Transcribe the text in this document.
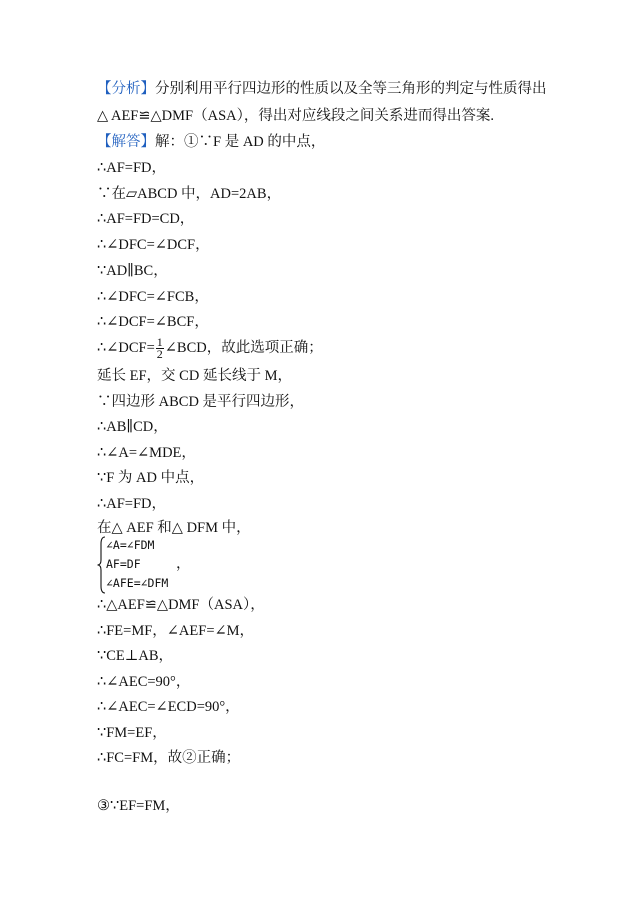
【分析】分别利用平行四边形的性质以及全等三角形的判定与性质得出
△ AEF≌△DMF（ASA），得出对应线段之间关系进而得出答案.
【解答】解：①∵F 是 AD 的中点，
∴AF=FD，
∵在▱ABCD 中，AD=2AB，
∴AF=FD=CD，
∴∠DFC=∠DCF，
∵AD∥BC，
∴∠DFC=∠FCB，
∴∠DCF=∠BCF，
∴∠DCF= $\frac{1}{2}$ ∠BCD，故此选项正确；
延长 EF，交 CD 延长线于 M，
∵四边形 ABCD 是平行四边形，
∴AB∥CD，
∴∠A=∠MDE，
∵F 为 AD 中点，
∴AF=FD，
在△ AEF 和△ DFM 中，
∠A=∠FDM
AF=DF
∠AFE=∠DFM
，
∴△AEF≌△DMF（ASA），
∴FE=MF，∠AEF=∠M，
∵CE⊥AB，
∴∠AEC=90°，
∴∠AEC=∠ECD=90°，
∵FM=EF，
∴FC=FM，故②正确；
③∵EF=FM，
